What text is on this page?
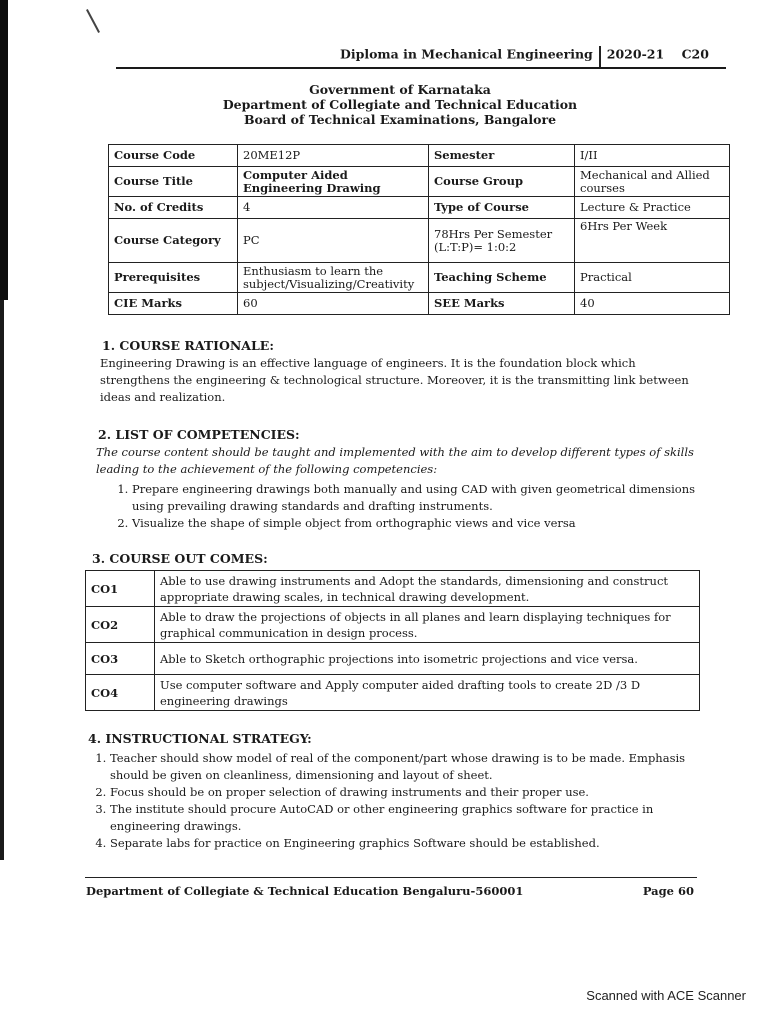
Diploma in Mechanical Engineering 2020-21 C20
Government of Karnataka
Department of Collegiate and Technical Education
Board of Technical Examinations, Bangalore
Course Code	20ME12P	Semester	I/II
Course Title	Computer Aided Engineering Drawing	Course Group	Mechanical and Allied courses
No. of Credits	4	Type of Course	Lecture & Practice
Course Category	PC	78Hrs Per Semester (L:T:P)= 1:0:2	6Hrs Per Week
Prerequisites	Enthusiasm to learn the subject/Visualizing/Creativity	Teaching Scheme	Practical
CIE Marks	60	SEE Marks	40
1. COURSE RATIONALE:
Engineering Drawing is an effective language of engineers. It is the foundation block which strengthens the engineering & technological structure. Moreover, it is the transmitting link between ideas and realization.
2. LIST OF COMPETENCIES:
The course content should be taught and implemented with the aim to develop different types of skills leading to the achievement of the following competencies:
1. Prepare engineering drawings both manually and using CAD with given geometrical dimensions using prevailing drawing standards and drafting instruments.
2. Visualize the shape of simple object from orthographic views and vice versa
3. COURSE OUT COMES:
CO1	Able to use drawing instruments and Adopt the standards, dimensioning and construct appropriate drawing scales, in technical drawing development.
CO2	Able to draw the projections of objects in all planes and learn displaying techniques for graphical communication in design process.
CO3	Able to Sketch orthographic projections into isometric projections and vice versa.
CO4	Use computer software and Apply computer aided drafting tools to create 2D /3 D engineering drawings
4. INSTRUCTIONAL STRATEGY:
1. Teacher should show model of real of the component/part whose drawing is to be made. Emphasis should be given on cleanliness, dimensioning and layout of sheet.
2. Focus should be on proper selection of drawing instruments and their proper use.
3. The institute should procure AutoCAD or other engineering graphics software for practice in engineering drawings.
4. Separate labs for practice on Engineering graphics Software should be established.
Department of Collegiate & Technical Education Bengaluru-560001	Page 60
Scanned with ACE Scanner
